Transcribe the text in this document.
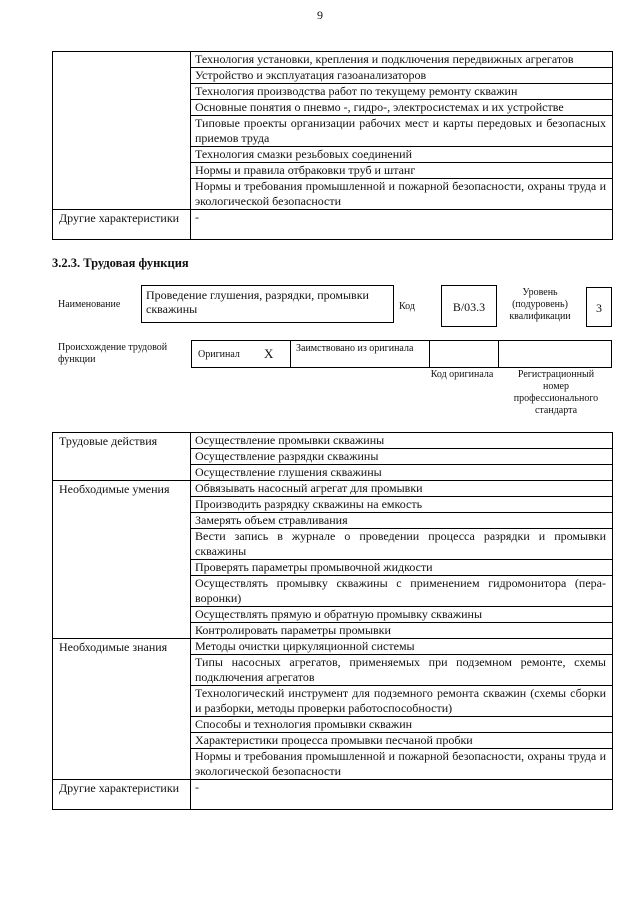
9
	Технология установки, крепления и подключения передвижных агрегатов
	Устройство и эксплуатация газоанализаторов
	Технология производства работ по текущему ремонту скважин
	Основные понятия о пневмо -, гидро-, электросистемах и их устройстве
	Типовые проекты организации рабочих мест и карты передовых и безопасных приемов труда
	Технология смазки резьбовых соединений
	Нормы и правила отбраковки труб и штанг
	Нормы и требования промышленной и пожарной безопасности, охраны труда и экологической безопасности
Другие характеристики	-
3.2.3. Трудовая функция
Наименование
Проведение глушения, разрядки, промывки скважины	Код	В/03.3
Уровень (подуровень) квалификации
3
Происхождение трудовой функции	Оригинал X Заимствовано из оригинала
Код оригинала	Регистрационный номер профессионального стандарта
Трудовые действия	Осуществление промывки скважины
	Осуществление разрядки скважины
	Осуществление глушения скважины
Необходимые умения	Обвязывать насосный агрегат для промывки
	Производить разрядку скважины на емкость
	Замерять объем стравливания
	Вести запись в журнале о проведении процесса разрядки и промывки скважины
	Проверять параметры промывочной жидкости
	Осуществлять промывку скважины с применением гидромонитора (пера-воронки)
	Осуществлять прямую и обратную промывку скважины
	Контролировать параметры промывки
Необходимые знания	Методы очистки циркуляционной системы
	Типы насосных агрегатов, применяемых при подземном ремонте, схемы подключения агрегатов
	Технологический инструмент для подземного ремонта скважин (схемы сборки и разборки, методы проверки работоспособности)
	Способы и технология промывки скважин
	Характеристики процесса промывки песчаной пробки
	Нормы и требования промышленной и пожарной безопасности, охраны труда и экологической безопасности
Другие характеристики	-
